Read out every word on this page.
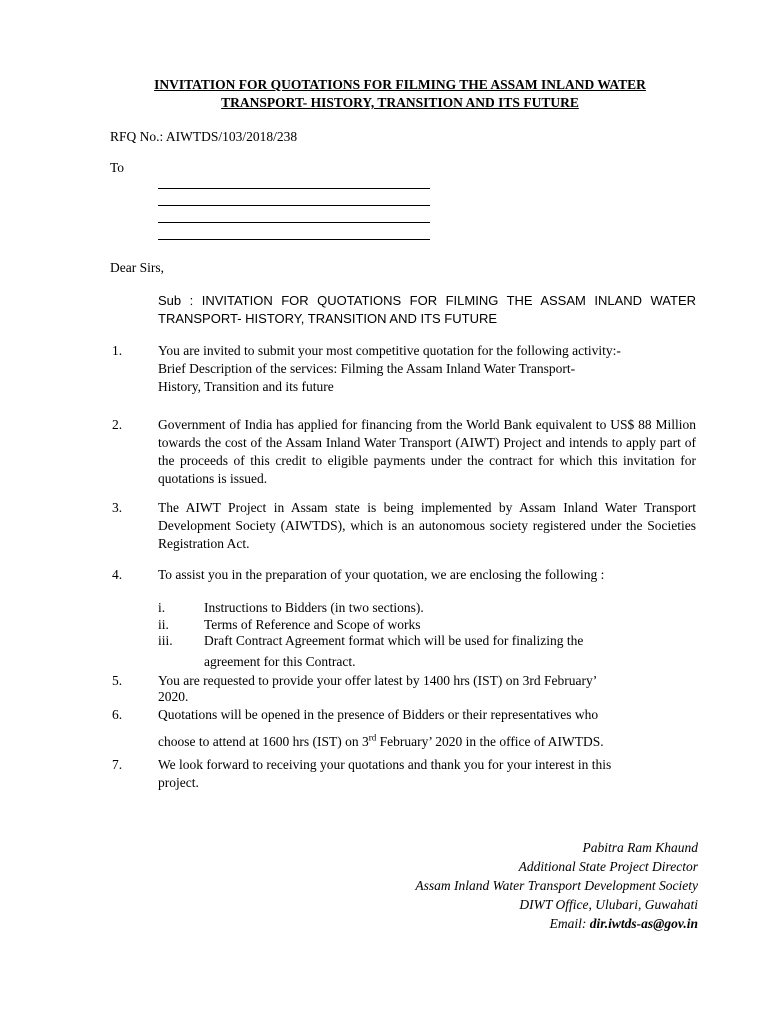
INVITATION FOR QUOTATIONS FOR FILMING THE ASSAM INLAND WATER
TRANSPORT- HISTORY, TRANSITION AND ITS FUTURE
RFQ No.: AIWTDS/103/2018/238
To
Dear Sirs,
Sub : INVITATION FOR QUOTATIONS FOR FILMING THE ASSAM INLAND WATER TRANSPORT- HISTORY, TRANSITION AND ITS FUTURE
1.	You are invited to submit your most competitive quotation for the following activity:-
Brief Description of the services: Filming the Assam Inland Water Transport-
History, Transition and its future
2.	Government of India has applied for financing from the World Bank equivalent to US$ 88 Million towards the cost of the Assam Inland Water Transport (AIWT) Project and intends to apply part of the proceeds of this credit to eligible payments under the contract for which this invitation for quotations is issued.
3.	The AIWT Project in Assam state is being implemented by Assam Inland Water Transport Development Society (AIWTDS), which is an autonomous society registered under the Societies Registration Act.
4.	To assist you in the preparation of your quotation, we are enclosing the following :
i.	Instructions to Bidders (in two sections).
ii.	Terms of Reference and Scope of works
iii. Draft Contract Agreement format which will be used for finalizing the
agreement for this Contract.
5.	You are requested to provide your offer latest by 1400 hrs (IST) on 3rd February’
2020.
6.	Quotations will be opened in the presence of Bidders or their representatives who
choose to attend at 1600 hrs (IST) on 3rd February’ 2020 in the office of AIWTDS.
7.	We look forward to receiving your quotations and thank you for your interest in this
project.
Pabitra Ram Khaund
Additional State Project Director
Assam Inland Water Transport Development Society
DIWT Office, Ulubari, Guwahati
Email: dir.iwtds-as@gov.in
